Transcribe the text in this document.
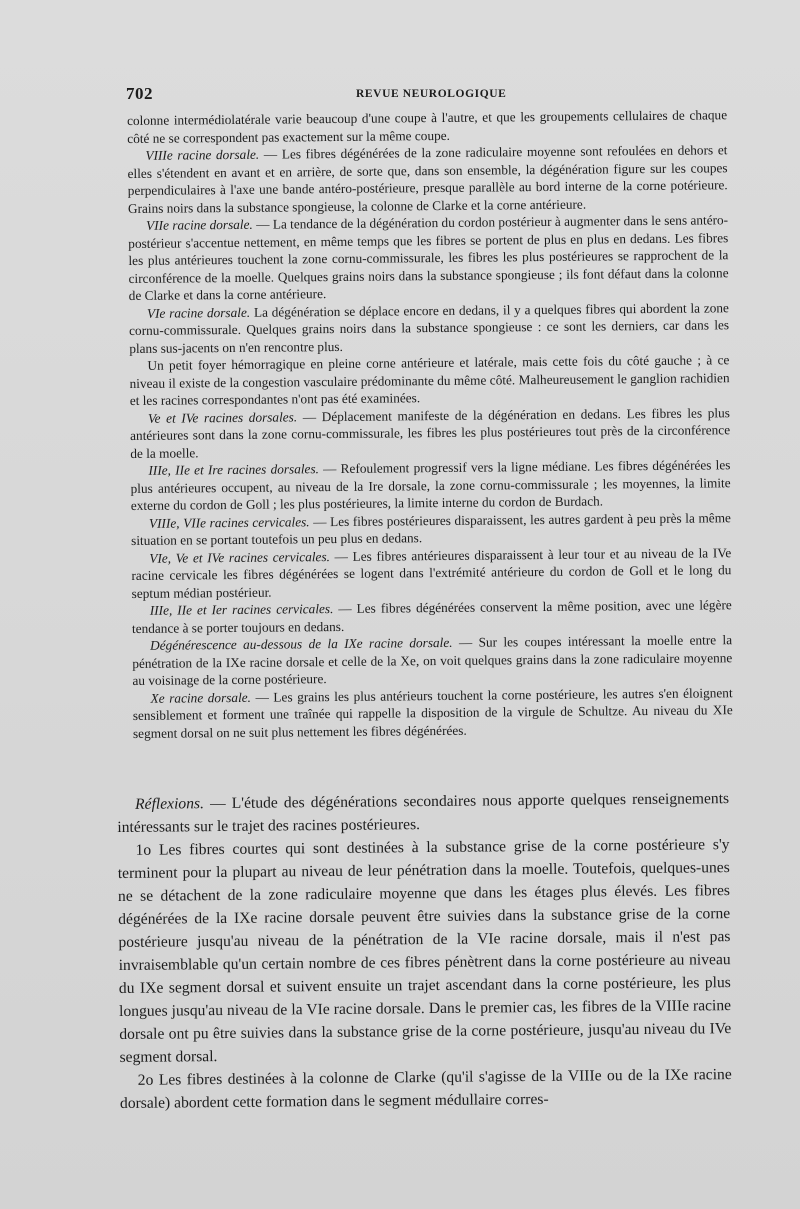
702	REVUE NEUROLOGIQUE

colonne intermédiolatérale varie beaucoup d'une coupe à l'autre, et que les groupements cellulaires de chaque côté ne se correspondent pas exactement sur la même coupe.

VIIIe racine dorsale. — Les fibres dégénérées de la zone radiculaire moyenne sont refoulées en dehors et elles s'étendent en avant et en arrière, de sorte que, dans son ensemble, la dégénération figure sur les coupes perpendiculaires à l'axe une bande antéro-postérieure, presque parallèle au bord interne de la corne potérieure. Grains noirs dans la substance spongieuse, la colonne de Clarke et la corne antérieure.

VIIe racine dorsale. — La tendance de la dégénération du cordon postérieur à augmenter dans le sens antéro-postérieur s'accentue nettement, en même temps que les fibres se portent de plus en plus en dedans. Les fibres les plus antérieures touchent la zone cornu-commissurale, les fibres les plus postérieures se rapprochent de la circonférence de la moelle. Quelques grains noirs dans la substance spongieuse ; ils font défaut dans la colonne de Clarke et dans la corne antérieure.

VIe racine dorsale. La dégénération se déplace encore en dedans, il y a quelques fibres qui abordent la zone cornu-commissurale. Quelques grains noirs dans la substance spongieuse : ce sont les derniers, car dans les plans sus-jacents on n'en rencontre plus.

Un petit foyer hémorragique en pleine corne antérieure et latérale, mais cette fois du côté gauche ; à ce niveau il existe de la congestion vasculaire prédominante du même côté. Malheureusement le ganglion rachidien et les racines correspondantes n'ont pas été examinées.

Ve et IVe racines dorsales. — Déplacement manifeste de la dégénération en dedans. Les fibres les plus antérieures sont dans la zone cornu-commissurale, les fibres les plus postérieures tout près de la circonférence de la moelle.

IIIe, IIe et Ire racines dorsales. — Refoulement progressif vers la ligne médiane. Les fibres dégénérées les plus antérieures occupent, au niveau de la Ire dorsale, la zone cornu-commissurale ; les moyennes, la limite externe du cordon de Goll ; les plus postérieures, la limite interne du cordon de Burdach.

VIIIe, VIIe racines cervicales. — Les fibres postérieures disparaissent, les autres gardent à peu près la même situation en se portant toutefois un peu plus en dedans.

VIe, Ve et IVe racines cervicales. — Les fibres antérieures disparaissent à leur tour et au niveau de la IVe racine cervicale les fibres dégénérées se logent dans l'extrémité antérieure du cordon de Goll et le long du septum médian postérieur.

IIIe, IIe et Ier racines cervicales. — Les fibres dégénérées conservent la même position, avec une légère tendance à se porter toujours en dedans.

Dégénérescence au-dessous de la IXe racine dorsale. — Sur les coupes intéressant la moelle entre la pénétration de la IXe racine dorsale et celle de la Xe, on voit quelques grains dans la zone radiculaire moyenne au voisinage de la corne postérieure.

Xe racine dorsale. — Les grains les plus antérieurs touchent la corne postérieure, les autres s'en éloignent sensiblement et forment une traînée qui rappelle la disposition de la virgule de Schultze. Au niveau du XIe segment dorsal on ne suit plus nettement les fibres dégénérées.

Réflexions. — L'étude des dégénérations secondaires nous apporte quelques renseignements intéressants sur le trajet des racines postérieures.

1o Les fibres courtes qui sont destinées à la substance grise de la corne postérieure s'y terminent pour la plupart au niveau de leur pénétration dans la moelle. Toutefois, quelques-unes ne se détachent de la zone radiculaire moyenne que dans les étages plus élevés. Les fibres dégénérées de la IXe racine dorsale peuvent être suivies dans la substance grise de la corne postérieure jusqu'au niveau de la pénétration de la VIe racine dorsale, mais il n'est pas invraisemblable qu'un certain nombre de ces fibres pénètrent dans la corne postérieure au niveau du IXe segment dorsal et suivent ensuite un trajet ascendant dans la corne postérieure, les plus longues jusqu'au niveau de la VIe racine dorsale. Dans le premier cas, les fibres de la VIIIe racine dorsale ont pu être suivies dans la substance grise de la corne postérieure, jusqu'au niveau du IVe segment dorsal.

2o Les fibres destinées à la colonne de Clarke (qu'il s'agisse de la VIIIe ou de la IXe racine dorsale) abordent cette formation dans le segment médullaire corres-
